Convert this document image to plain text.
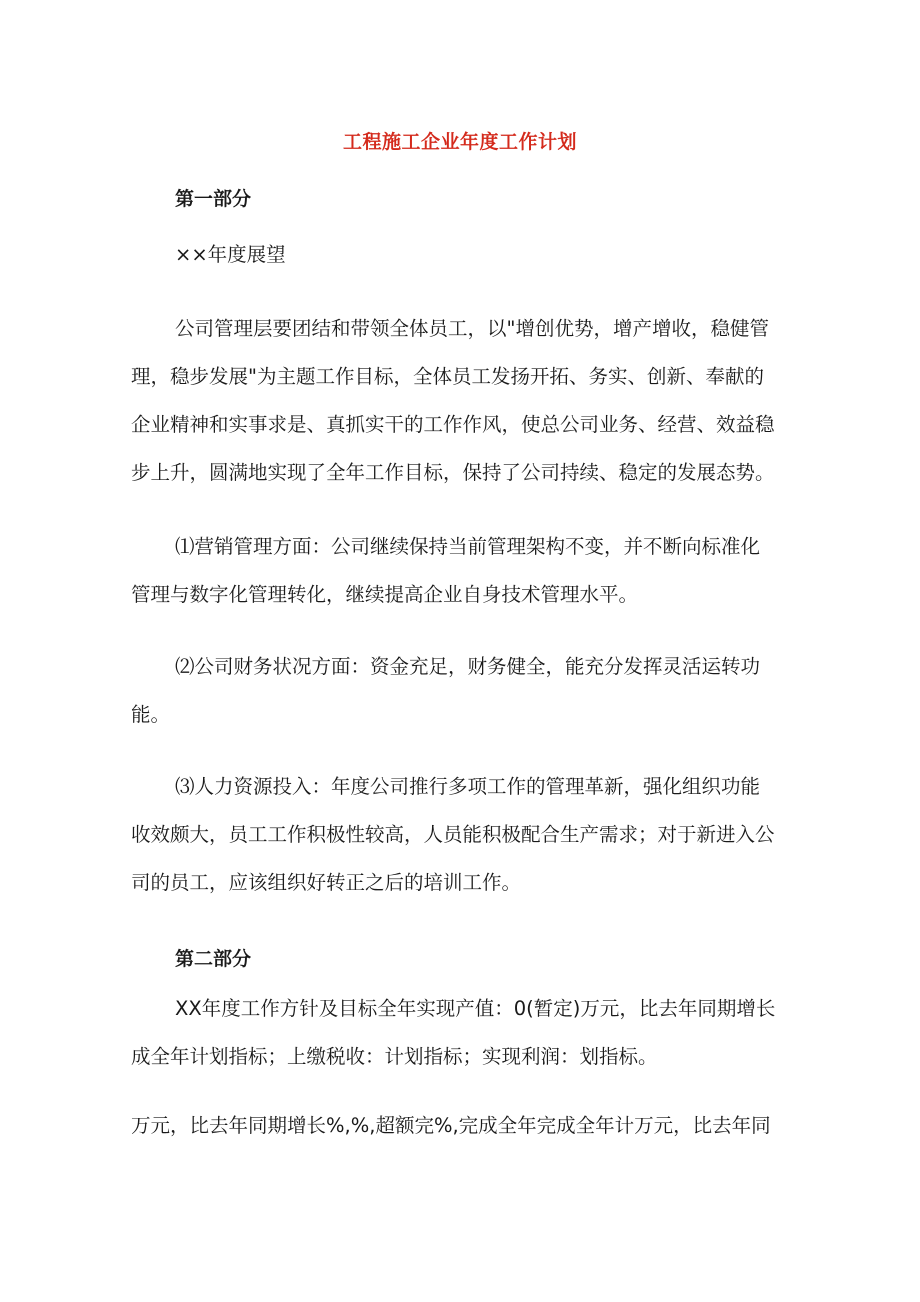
工程施工企业年度工作计划
第一部分
××年度展望
公司管理层要团结和带领全体员工，以"增创优势，增产增收，稳健管
理，稳步发展"为主题工作目标，全体员工发扬开拓、务实、创新、奉献的
企业精神和实事求是、真抓实干的工作作风，使总公司业务、经营、效益稳
步上升，圆满地实现了全年工作目标，保持了公司持续、稳定的发展态势。
⑴营销管理方面：公司继续保持当前管理架构不变，并不断向标准化
管理与数字化管理转化，继续提高企业自身技术管理水平。
⑵公司财务状况方面：资金充足，财务健全，能充分发挥灵活运转功
能。
⑶人力资源投入：年度公司推行多项工作的管理革新，强化组织功能
收效颇大，员工工作积极性较高，人员能积极配合生产需求；对于新进入公
司的员工，应该组织好转正之后的培训工作。
第二部分
XX年度工作方针及目标全年实现产值：0(暂定)万元，比去年同期增长
成全年计划指标；上缴税收：计划指标；实现利润：划指标。
万元，比去年同期增长%,%,超额完%,完成全年完成全年计万元，比去年同
